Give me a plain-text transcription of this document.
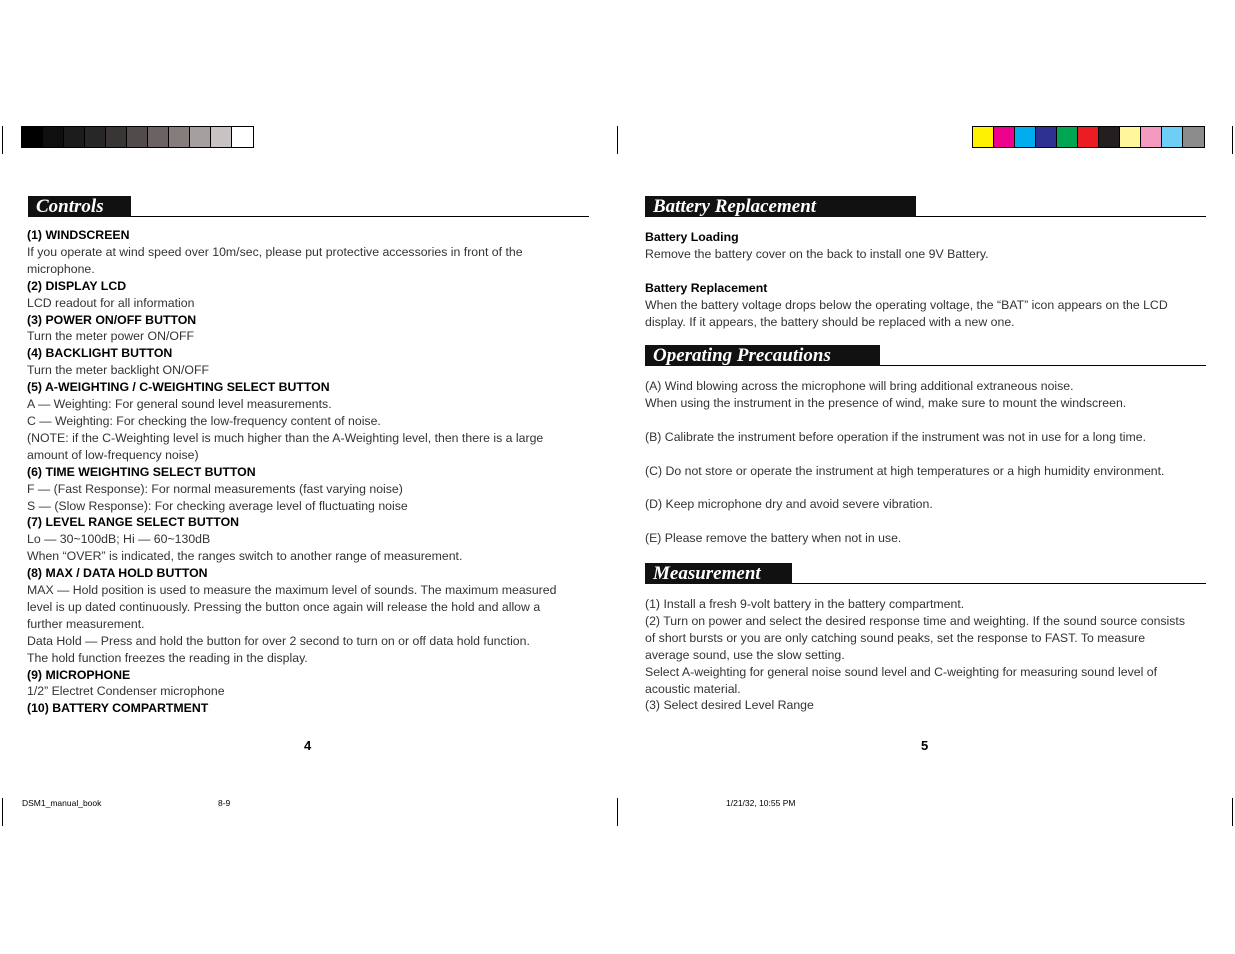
Controls

(1) WINDSCREEN

If you operate at wind speed over 10m/sec, please put protective accessories in front of the

microphone.

(2) DISPLAY LCD

LCD readout for all information

(3) POWER ON/OFF BUTTON

Turn the meter power ON/OFF

(4) BACKLIGHT BUTTON

Turn the meter backlight ON/OFF

(5) A-WEIGHTING / C-WEIGHTING SELECT BUTTON

A — Weighting: For general sound level measurements.

C — Weighting: For checking the low-frequency content of noise.

(NOTE: if the C-Weighting level is much higher than the A-Weighting level, then there is a large

amount of low-frequency noise)

(6) TIME WEIGHTING SELECT BUTTON

F — (Fast Response): For normal measurements (fast varying noise)

S — (Slow Response): For checking average level of fluctuating noise

(7) LEVEL RANGE SELECT BUTTON

Lo — 30~100dB; Hi — 60~130dB

When “OVER” is indicated, the ranges switch to another range of measurement.

(8) MAX / DATA HOLD BUTTON

MAX — Hold position is used to measure the maximum level of sounds. The maximum measured

level is up dated continuously. Pressing the button once again will release the hold and allow a

further measurement.

Data Hold — Press and hold the button for over 2 second to turn on or off data hold function.

The hold function freezes the reading in the display.

(9) MICROPHONE

1/2” Electret Condenser microphone

(10) BATTERY COMPARTMENT

4
Battery Replacement

Battery Loading

Remove the battery cover on the back to install one 9V Battery.

Battery Replacement

When the battery voltage drops below the operating voltage, the “BAT” icon appears on the LCD

display. If it appears, the battery should be replaced with a new one.

Operating Precautions

(A) Wind blowing across the microphone will bring additional extraneous noise.

When using the instrument in the presence of wind, make sure to mount the windscreen.

(B) Calibrate the instrument before operation if the instrument was not in use for a long time.

(C) Do not store or operate the instrument at high temperatures or a high humidity environment.

(D) Keep microphone dry and avoid severe vibration.

(E) Please remove the battery when not in use.

Measurement

(1) Install a fresh 9-volt battery in the battery compartment.

(2) Turn on power and select the desired response time and weighting. If the sound source consists

of short bursts or you are only catching sound peaks, set the response to FAST. To measure

average sound, use the slow setting.

Select A-weighting for general noise sound level and C-weighting for measuring sound level of

acoustic material.

(3) Select desired Level Range

5
DSM1_manual_book	8-9	1/21/32, 10:55 PM
